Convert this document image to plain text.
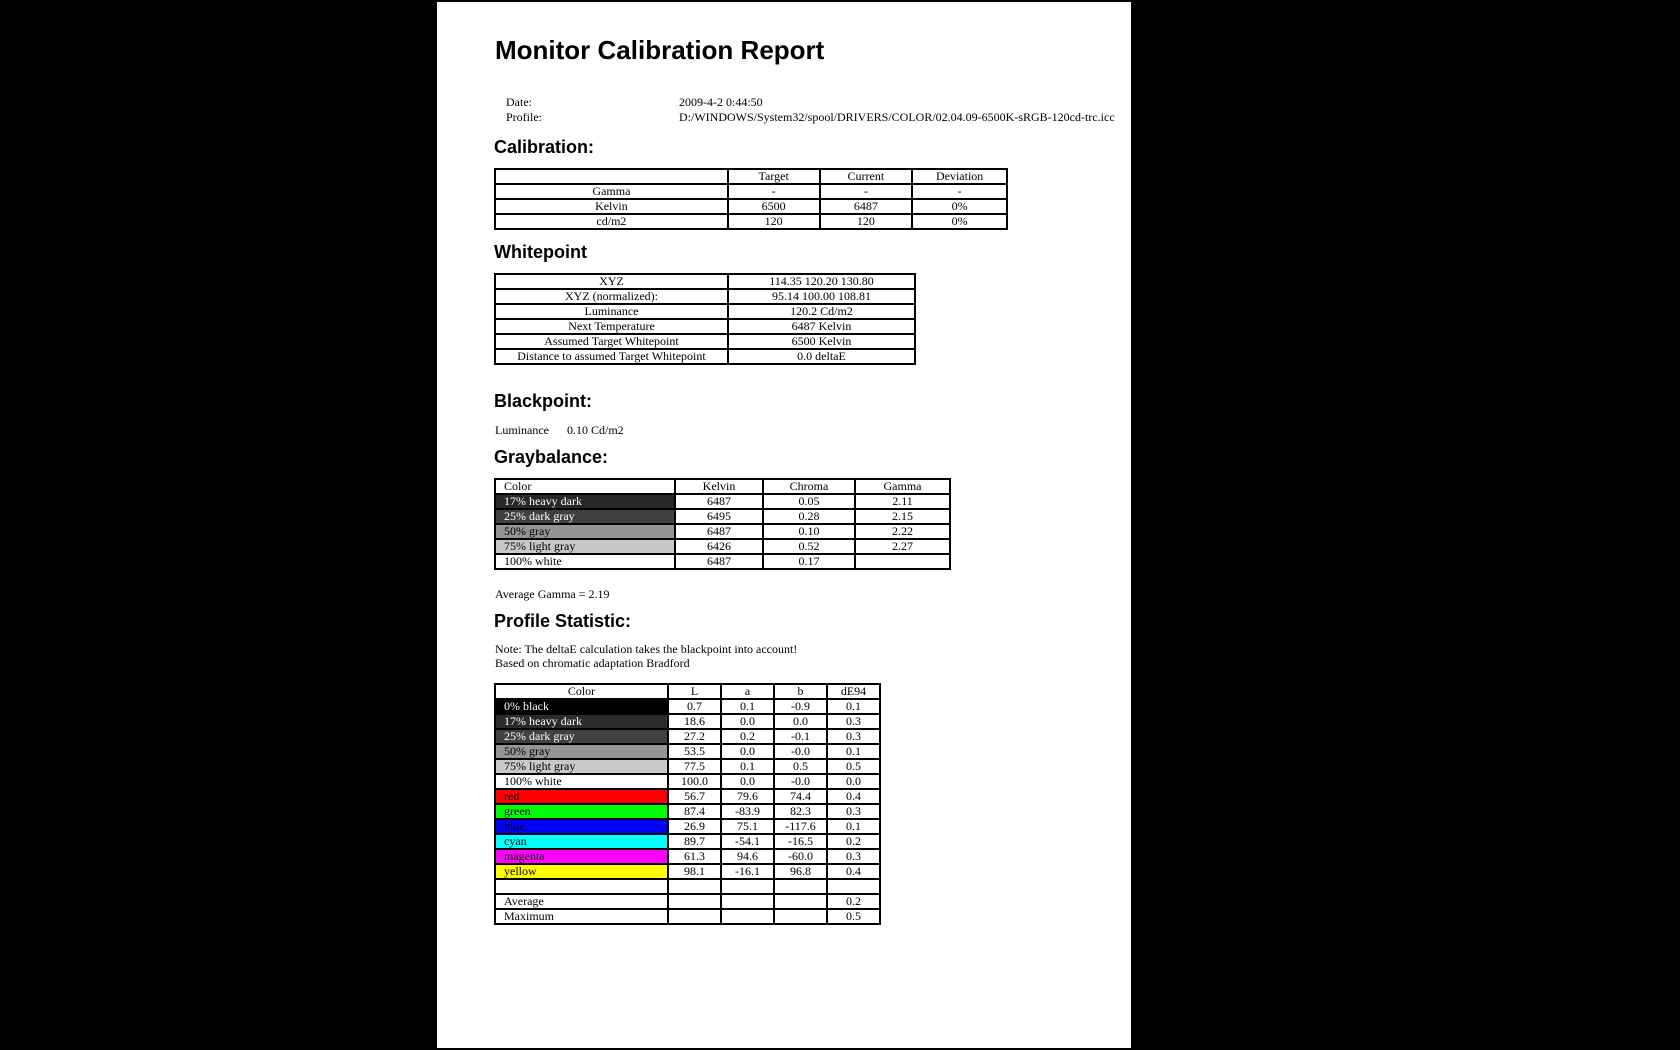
Monitor Calibration Report
Date:	2009-4-2 0:44:50
Profile:	D:/WINDOWS/System32/spool/DRIVERS/COLOR/02.04.09-6500K-sRGB-120cd-trc.icc
Calibration:
	Target	Current	Deviation
Gamma	-	-	-
Kelvin	6500	6487	0%
cd/m2	120	120	0%
Whitepoint
XYZ	114.35 120.20 130.80
XYZ (normalized):	95.14 100.00 108.81
Luminance	120.2 Cd/m2
Next Temperature	6487 Kelvin
Assumed Target Whitepoint	6500 Kelvin
Distance to assumed Target Whitepoint	0.0 deltaE
Blackpoint:
Luminance 0.10 Cd/m2
Graybalance:
Color	Kelvin	Chroma	Gamma
17% heavy dark	6487	0.05	2.11
25% dark gray	6495	0.28	2.15
50% gray	6487	0.10	2.22
75% light gray	6426	0.52	2.27
100% white	6487	0.17	
Average Gamma = 2.19
Profile Statistic:
Note: The deltaE calculation takes the blackpoint into account!
Based on chromatic adaptation Bradford
Color	L	a	b	dE94
0% black	0.7	0.1	-0.9	0.1
17% heavy dark	18.6	0.0	0.0	0.3
25% dark gray	27.2	0.2	-0.1	0.3
50% gray	53.5	0.0	-0.0	0.1
75% light gray	77.5	0.1	0.5	0.5
100% white	100.0	0.0	-0.0	0.0
red	56.7	79.6	74.4	0.4
green	87.4	-83.9	82.3	0.3
blue	26.9	75.1	-117.6	0.1
cyan	89.7	-54.1	-16.5	0.2
magenta	61.3	94.6	-60.0	0.3
yellow	98.1	-16.1	96.8	0.4

Average				0.2
Maximum				0.5
